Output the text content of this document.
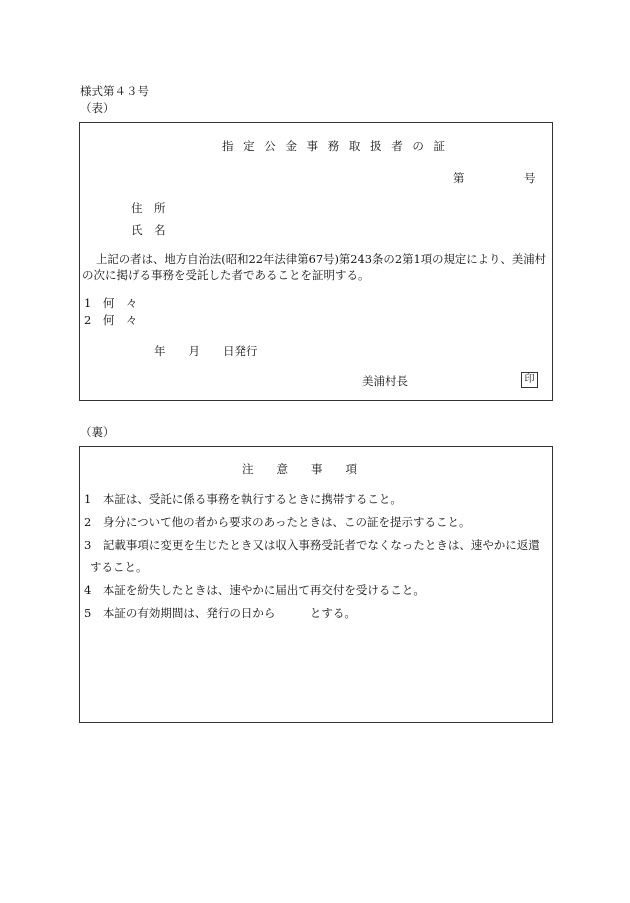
様式第４３号
（表）
指 定 公 金 事 務 取 扱 者 の 証
第	号
住　所
氏　名
上記の者は、地方自治法(昭和22年法律第67号)第243条の2第1項の規定により、美浦村
の次に掲げる事務を受託した者であることを証明する。
1　何　々
2　何　々
年　　月　　日発行
美浦村長	印
（裏）
注　　意　　事　　項
1　本証は、受託に係る事務を執行するときに携帯すること。
2　身分について他の者から要求のあったときは、この証を提示すること。
3　記載事項に変更を生じたとき又は収入事務受託者でなくなったときは、速やかに返還
すること。
4　本証を紛失したときは、速やかに届出て再交付を受けること。
5　本証の有効期間は、発行の日から　　　とする。
